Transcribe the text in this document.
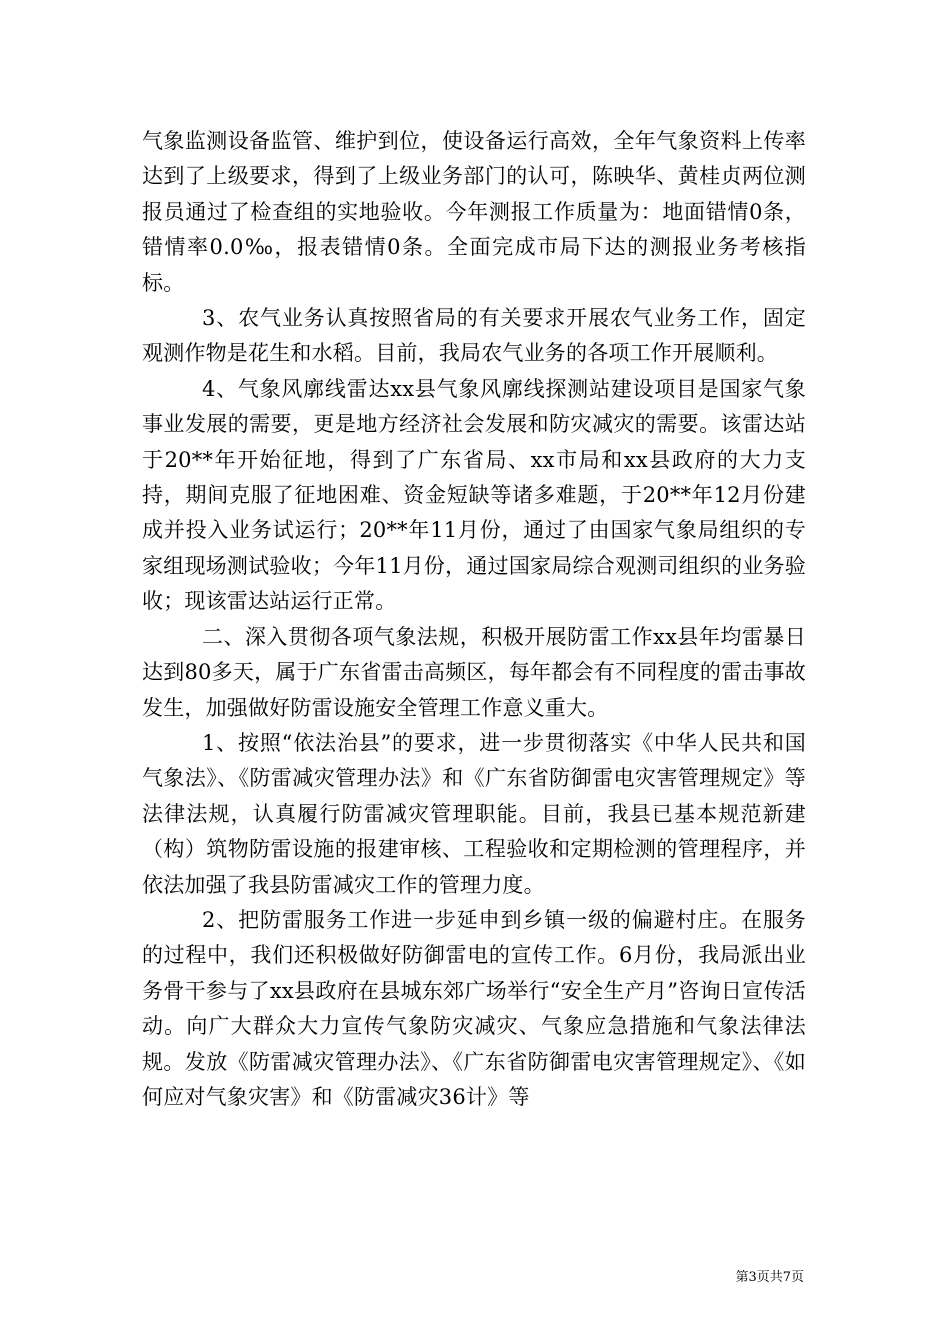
气象监测设备监管、维护到位，使设备运行高效，全年气象资料上传率达到了上级要求，得到了上级业务部门的认可，陈映华、黄桂贞两位测报员通过了检查组的实地验收。今年测报工作质量为：地面错情0条，错情率0.0‰，报表错情0条。全面完成市局下达的测报业务考核指标。

3、农气业务认真按照省局的有关要求开展农气业务工作，固定观测作物是花生和水稻。目前，我局农气业务的各项工作开展顺利。

4、气象风廓线雷达xx县气象风廓线探测站建设项目是国家气象事业发展的需要，更是地方经济社会发展和防灾减灾的需要。该雷达站于20**年开始征地，得到了广东省局、xx市局和xx县政府的大力支持，期间克服了征地困难、资金短缺等诸多难题，于20**年12月份建成并投入业务试运行；20**年11月份，通过了由国家气象局组织的专家组现场测试验收；今年11月份，通过国家局综合观测司组织的业务验收；现该雷达站运行正常。

二、深入贯彻各项气象法规，积极开展防雷工作xx县年均雷暴日达到80多天，属于广东省雷击高频区，每年都会有不同程度的雷击事故发生，加强做好防雷设施安全管理工作意义重大。

1、按照“依法治县”的要求，进一步贯彻落实《中华人民共和国气象法》、《防雷减灾管理办法》和《广东省防御雷电灾害管理规定》等法律法规，认真履行防雷减灾管理职能。目前，我县已基本规范新建（构）筑物防雷设施的报建审核、工程验收和定期检测的管理程序，并依法加强了我县防雷减灾工作的管理力度。

2、把防雷服务工作进一步延申到乡镇一级的偏避村庄。在服务的过程中，我们还积极做好防御雷电的宣传工作。6月份，我局派出业务骨干参与了xx县政府在县城东郊广场举行“安全生产月”咨询日宣传活动。向广大群众大力宣传气象防灾减灾、气象应急措施和气象法律法规。发放《防雷减灾管理办法》、《广东省防御雷电灾害管理规定》、《如何应对气象灾害》和《防雷减灾36计》等

第3页共7页
